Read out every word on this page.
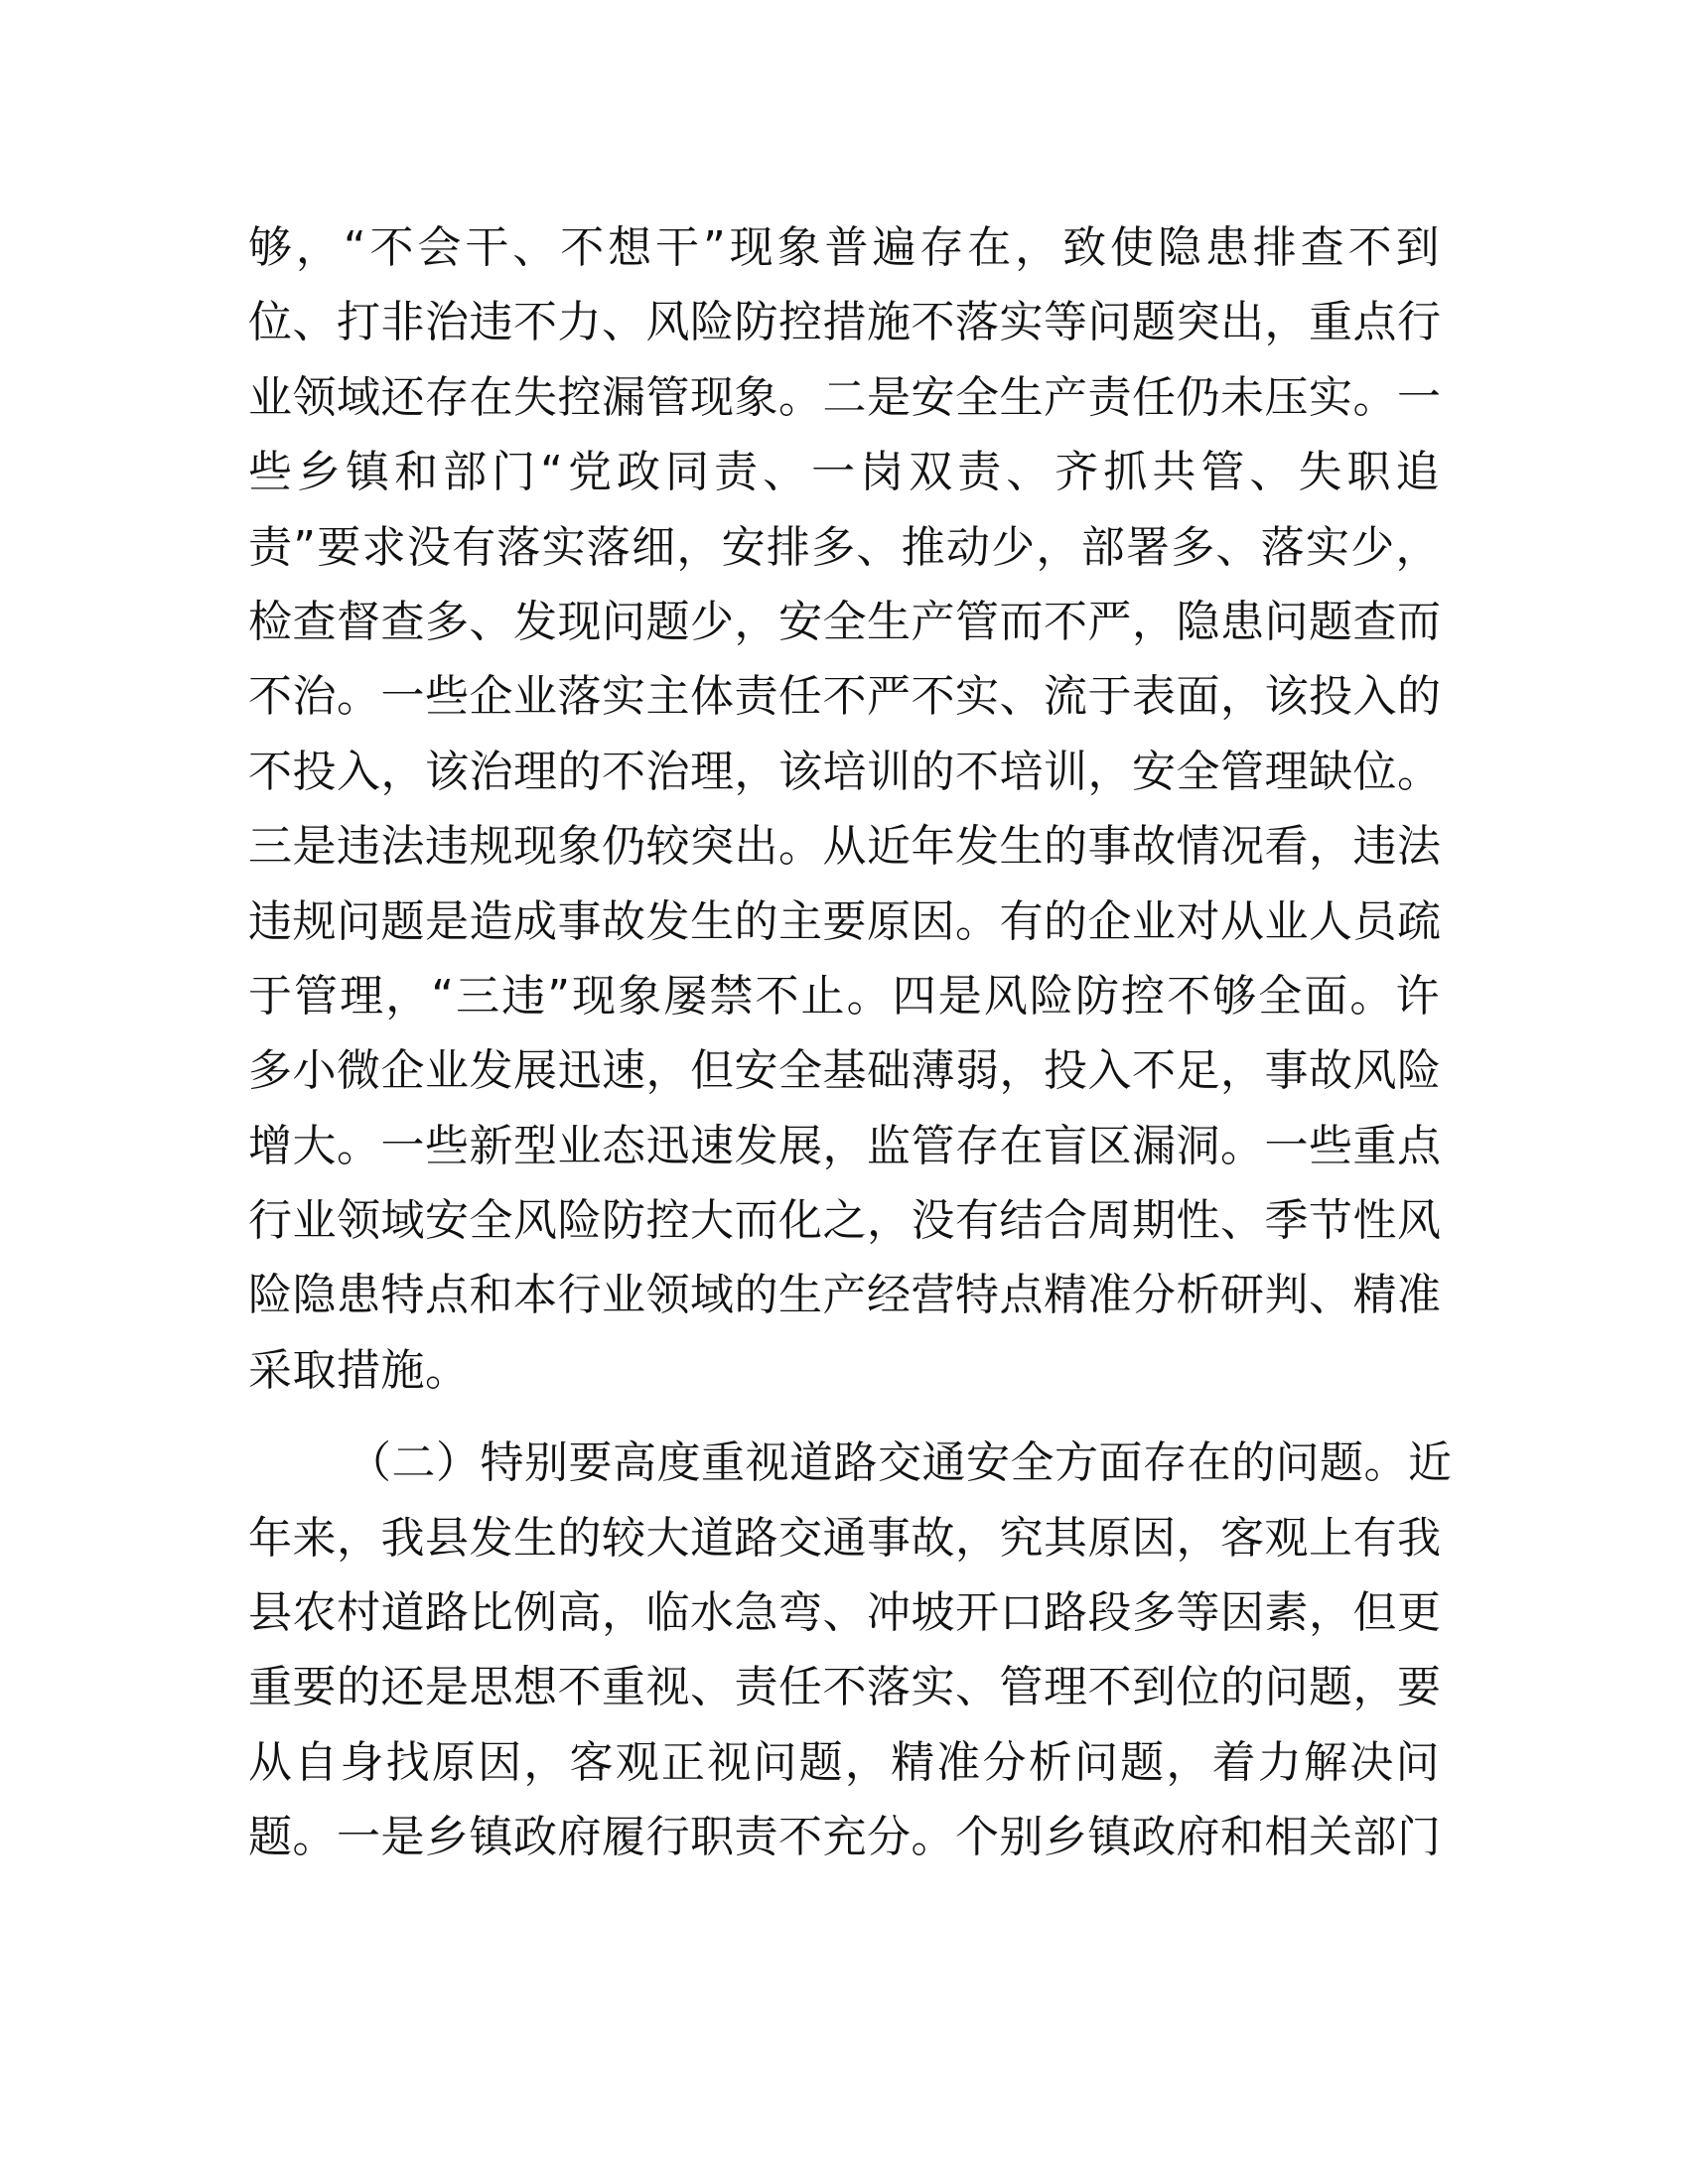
够，“不会干、不想干”现象普遍存在，致使隐患排查不到
位、打非治违不力、风险防控措施不落实等问题突出，重点行
业领域还存在失控漏管现象。二是安全生产责任仍未压实。一
些乡镇和部门“党政同责、一岗双责、齐抓共管、失职追
责”要求没有落实落细，安排多、推动少，部署多、落实少，
检查督查多、发现问题少，安全生产管而不严，隐患问题查而
不治。一些企业落实主体责任不严不实、流于表面，该投入的
不投入，该治理的不治理，该培训的不培训，安全管理缺位。
三是违法违规现象仍较突出。从近年发生的事故情况看，违法
违规问题是造成事故发生的主要原因。有的企业对从业人员疏
于管理，“三违”现象屡禁不止。四是风险防控不够全面。许
多小微企业发展迅速，但安全基础薄弱，投入不足，事故风险
增大。一些新型业态迅速发展，监管存在盲区漏洞。一些重点
行业领域安全风险防控大而化之，没有结合周期性、季节性风
险隐患特点和本行业领域的生产经营特点精准分析研判、精准
采取措施。
（二）特别要高度重视道路交通安全方面存在的问题。近
年来，我县发生的较大道路交通事故，究其原因，客观上有我
县农村道路比例高，临水急弯、冲坡开口路段多等因素，但更
重要的还是思想不重视、责任不落实、管理不到位的问题，要
从自身找原因，客观正视问题，精准分析问题，着力解决问
题。一是乡镇政府履行职责不充分。个别乡镇政府和相关部门
